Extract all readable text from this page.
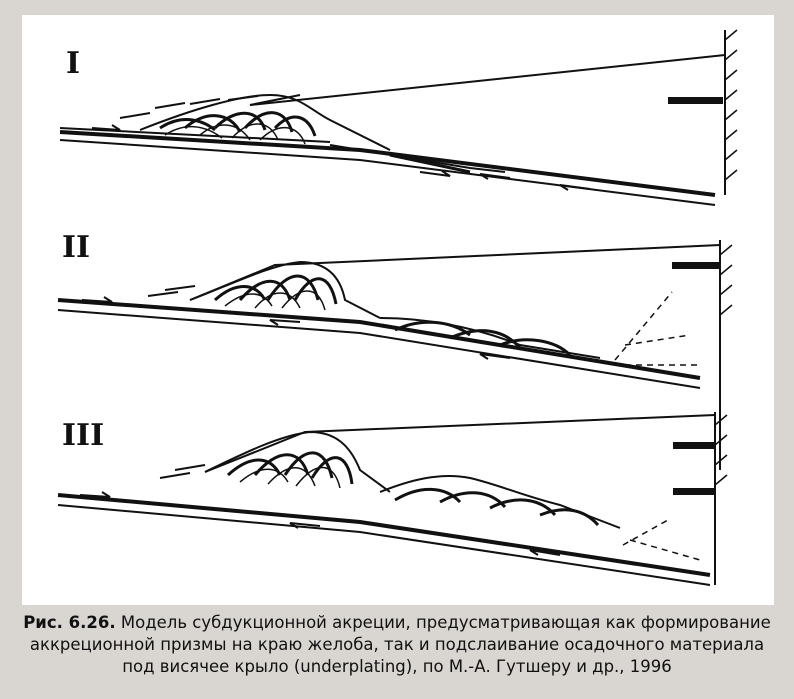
I
II
III
Рис. 6.26. Модель субдукционной акреции, предусматривающая как формирование
аккреционной призмы на краю желоба, так и подслаивание осадочного материала
под висячее крыло (underplating), по М.-А. Гутшеру и др., 1996
